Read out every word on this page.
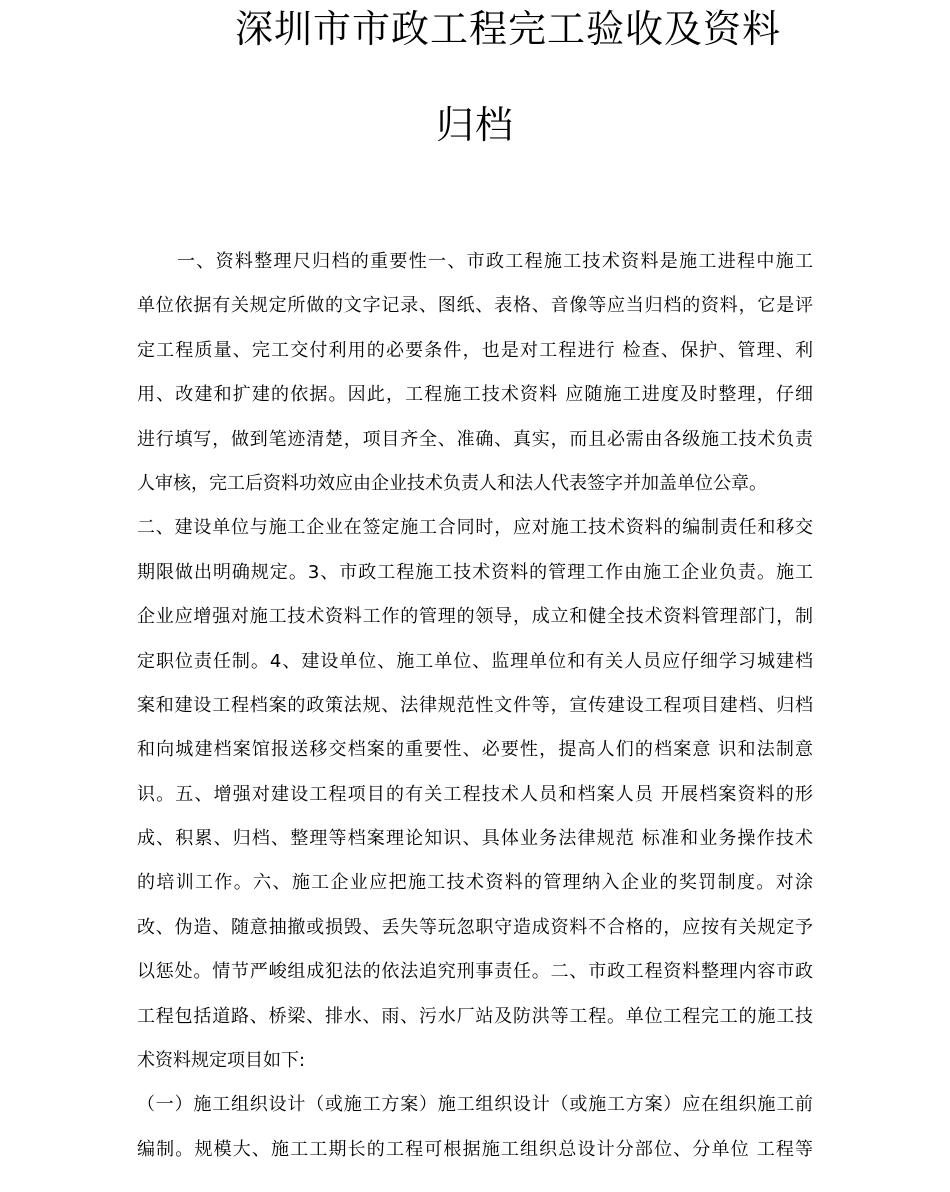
深圳市市政工程完工验收及资料
归档
一、资料整理尺归档的重要性一、市政工程施工技术资料是施工进程中施工
单位依据有关规定所做的文字记录、图纸、表格、音像等应当归档的资料，它是评
定工程质量、完工交付利用的必要条件，也是对工程进行 检查、保护、管理、利
用、改建和扩建的依据。因此，工程施工技术资料 应随施工进度及时整理，仔细
进行填写，做到笔迹清楚，项目齐全、准确、真实，而且必需由各级施工技术负责
人审核，完工后资料功效应由企业技术负责人和法人代表签字并加盖单位公章。
二、建设单位与施工企业在签定施工合同时，应对施工技术资料的编制责任和移交
期限做出明确规定。3、市政工程施工技术资料的管理工作由施工企业负责。施工
企业应增强对施工技术资料工作的管理的领导，成立和健全技术资料管理部门，制
定职位责任制。4、建设单位、施工单位、监理单位和有关人员应仔细学习城建档
案和建设工程档案的政策法规、法律规范性文件等，宣传建设工程项目建档、归档
和向城建档案馆报送移交档案的重要性、必要性，提高人们的档案意 识和法制意
识。五、增强对建设工程项目的有关工程技术人员和档案人员 开展档案资料的形
成、积累、归档、整理等档案理论知识、具体业务法律规范 标准和业务操作技术
的培训工作。六、施工企业应把施工技术资料的管理纳入企业的奖罚制度。对涂
改、伪造、随意抽撤或损毁、丢失等玩忽职守造成资料不合格的，应按有关规定予
以惩处。情节严峻组成犯法的依法追究刑事责任。二、市政工程资料整理内容市政
工程包括道路、桥梁、排水、雨、污水厂站及防洪等工程。单位工程完工的施工技
术资料规定项目如下:
（一）施工组织设计（或施工方案）施工组织设计（或施工方案）应在组织施工前
编制。规模大、施工工期长的工程可根据施工组织总设计分部位、分单位 工程等
